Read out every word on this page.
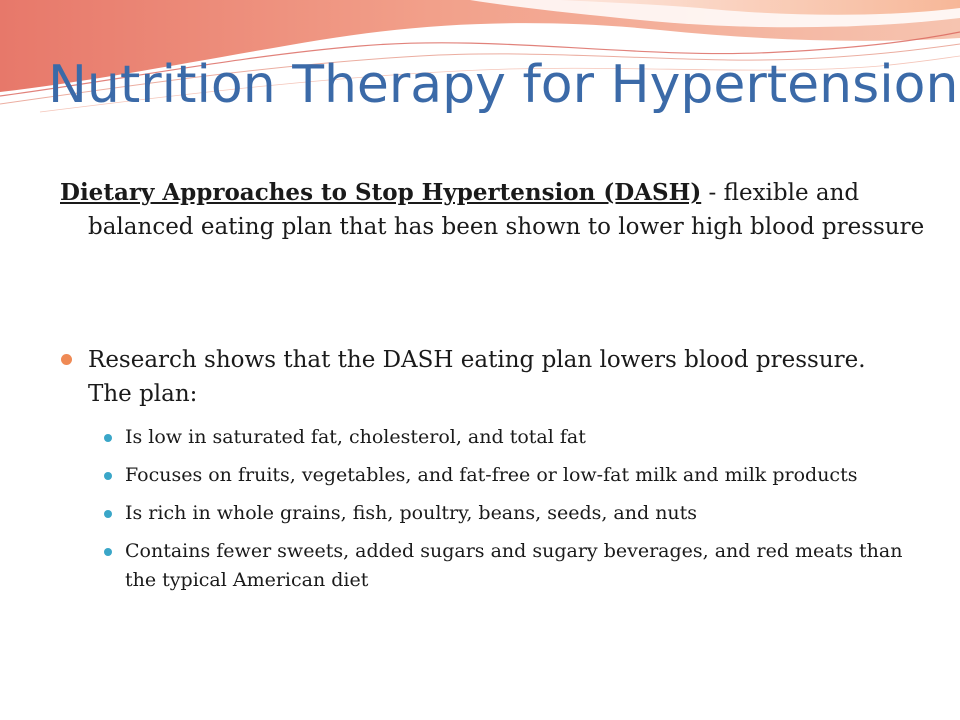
Nutrition Therapy for Hypertension

Dietary Approaches to Stop Hypertension (DASH) - flexible and balanced eating plan that has been shown to lower high blood pressure

Research shows that the DASH eating plan lowers blood pressure. The plan:

Is low in saturated fat, cholesterol, and total fat
Focuses on fruits, vegetables, and fat-free or low-fat milk and milk products
Is rich in whole grains, fish, poultry, beans, seeds, and nuts
Contains fewer sweets, added sugars and sugary beverages, and red meats than the typical American diet
